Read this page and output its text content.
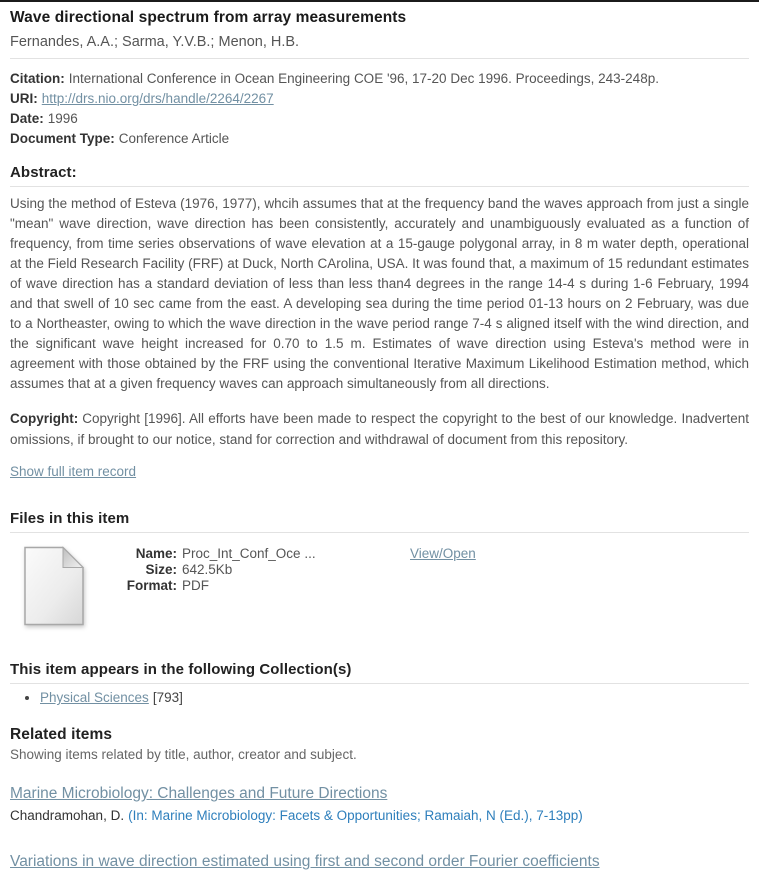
Wave directional spectrum from array measurements
Fernandes, A.A.; Sarma, Y.V.B.; Menon, H.B.

Citation: International Conference in Ocean Engineering COE '96, 17-20 Dec 1996. Proceedings, 243-248p.

URI: http://drs.nio.org/drs/handle/2264/2267

Date: 1996

Document Type: Conference Article

Abstract:

Using the method of Esteva (1976, 1977), whcih assumes that at the frequency band the waves approach from just a single "mean" wave direction, wave direction has been consistently, accurately and unambiguously evaluated as a function of frequency, from time series observations of wave elevation at a 15-gauge polygonal array, in 8 m water depth, operational at the Field Research Facility (FRF) at Duck, North CArolina, USA. It was found that, a maximum of 15 redundant estimates of wave direction has a standard deviation of less than less than4 degrees in the range 14-4 s during 1-6 February, 1994 and that swell of 10 sec came from the east. A developing sea during the time period 01-13 hours on 2 February, was due to a Northeaster, owing to which the wave direction in the wave period range 7-4 s aligned itself with the wind direction, and the significant wave height increased for 0.70 to 1.5 m. Estimates of wave direction using Esteva's method were in agreement with those obtained by the FRF using the conventional Iterative Maximum Likelihood Estimation method, which assumes that at a given frequency waves can approach simultaneously from all directions.

Copyright: Copyright [1996]. All efforts have been made to respect the copyright to the best of our knowledge. Inadvertent omissions, if brought to our notice, stand for correction and withdrawal of document from this repository.

Show full item record
Files in this item
Name: Proc_Int_Conf_Oce ...
Size: 642.5Kb
Format: PDF
View/Open
This item appears in the following Collection(s)
• Physical Sciences [793]
Related items

Showing items related by title, author, creator and subject.

Marine Microbiology: Challenges and Future Directions

Chandramohan, D. (In: Marine Microbiology: Facets & Opportunities; Ramaiah, N (Ed.), 7-13pp)

Variations in wave direction estimated using first and second order Fourier coefficients
